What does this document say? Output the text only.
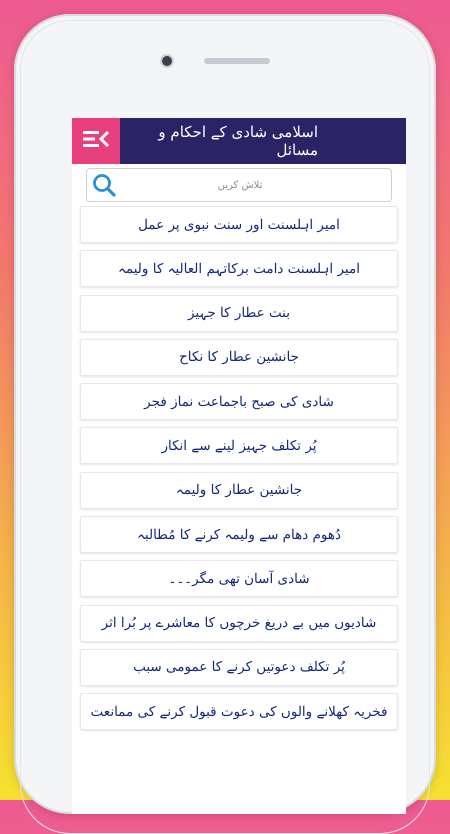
اسلامی شادی کے احکام و مسائل
تلاش کریں
امیر اہلسنت اور سنت نبوی پر عمل
امیر اہلسنت دامت برکاتہم العالیہ کا ولیمہ
بنت عطار کا جہیز
جانشین عطار کا نکاح
شادی کی صبح باجماعت نماز فجر
پُر تکلف جہیز لینے سے انکار
جانشین عطار کا ولیمہ
دُھوم دھام سے ولیمہ کرنے کا مُطالبہ
شادی آسان تھی مگر۔۔۔
شادیوں میں بے دریغ خرچوں کا معاشرے پر بُرا اثر
پُر تکلف دعوتیں کرنے کا عمومی سبب
فخریہ کھلانے والوں کی دعوت قبول کرنے کی ممانعت
